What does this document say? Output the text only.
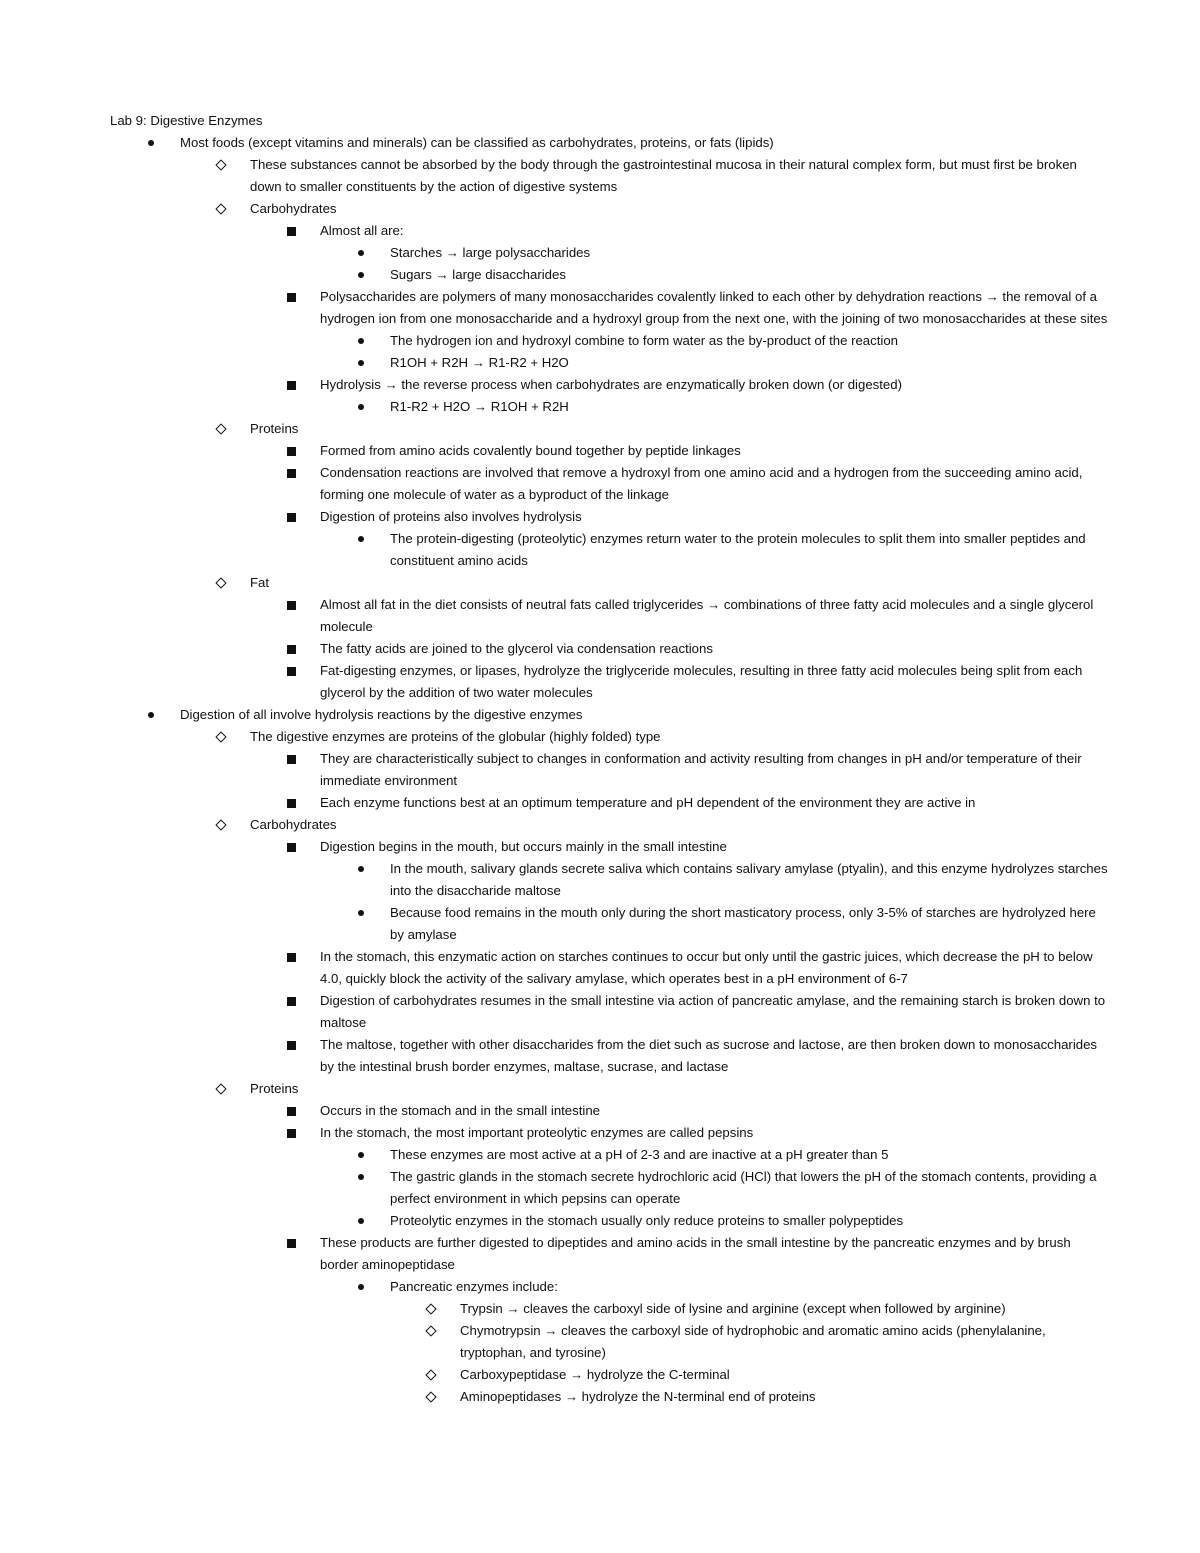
Lab 9: Digestive Enzymes
Most foods (except vitamins and minerals) can be classified as carbohydrates, proteins, or fats (lipids)
These substances cannot be absorbed by the body through the gastrointestinal mucosa in their natural complex form, but must first be broken down to smaller constituents by the action of digestive systems
Carbohydrates
Almost all are:
Starches → large polysaccharides
Sugars → large disaccharides
Polysaccharides are polymers of many monosaccharides covalently linked to each other by dehydration reactions → the removal of a hydrogen ion from one monosaccharide and a hydroxyl group from the next one, with the joining of two monosaccharides at these sites
The hydrogen ion and hydroxyl combine to form water as the by-product of the reaction
R1OH + R2H → R1-R2 + H2O
Hydrolysis → the reverse process when carbohydrates are enzymatically broken down (or digested)
R1-R2 + H2O → R1OH + R2H
Proteins
Formed from amino acids covalently bound together by peptide linkages
Condensation reactions are involved that remove a hydroxyl from one amino acid and a hydrogen from the succeeding amino acid, forming one molecule of water as a byproduct of the linkage
Digestion of proteins also involves hydrolysis
The protein-digesting (proteolytic) enzymes return water to the protein molecules to split them into smaller peptides and constituent amino acids
Fat
Almost all fat in the diet consists of neutral fats called triglycerides → combinations of three fatty acid molecules and a single glycerol molecule
The fatty acids are joined to the glycerol via condensation reactions
Fat-digesting enzymes, or lipases, hydrolyze the triglyceride molecules, resulting in three fatty acid molecules being split from each glycerol by the addition of two water molecules
Digestion of all involve hydrolysis reactions by the digestive enzymes
The digestive enzymes are proteins of the globular (highly folded) type
They are characteristically subject to changes in conformation and activity resulting from changes in pH and/or temperature of their immediate environment
Each enzyme functions best at an optimum temperature and pH dependent of the environment they are active in
Carbohydrates
Digestion begins in the mouth, but occurs mainly in the small intestine
In the mouth, salivary glands secrete saliva which contains salivary amylase (ptyalin), and this enzyme hydrolyzes starches into the disaccharide maltose
Because food remains in the mouth only during the short masticatory process, only 3-5% of starches are hydrolyzed here by amylase
In the stomach, this enzymatic action on starches continues to occur but only until the gastric juices, which decrease the pH to below 4.0, quickly block the activity of the salivary amylase, which operates best in a pH environment of 6-7
Digestion of carbohydrates resumes in the small intestine via action of pancreatic amylase, and the remaining starch is broken down to maltose
The maltose, together with other disaccharides from the diet such as sucrose and lactose, are then broken down to monosaccharides by the intestinal brush border enzymes, maltase, sucrase, and lactase
Proteins
Occurs in the stomach and in the small intestine
In the stomach, the most important proteolytic enzymes are called pepsins
These enzymes are most active at a pH of 2-3 and are inactive at a pH greater than 5
The gastric glands in the stomach secrete hydrochloric acid (HCl) that lowers the pH of the stomach contents, providing a perfect environment in which pepsins can operate
Proteolytic enzymes in the stomach usually only reduce proteins to smaller polypeptides
These products are further digested to dipeptides and amino acids in the small intestine by the pancreatic enzymes and by brush border aminopeptidase
Pancreatic enzymes include:
Trypsin → cleaves the carboxyl side of lysine and arginine (except when followed by arginine)
Chymotrypsin → cleaves the carboxyl side of hydrophobic and aromatic amino acids (phenylalanine, tryptophan, and tyrosine)
Carboxypeptidase → hydrolyze the C-terminal
Aminopeptidases → hydrolyze the N-terminal end of proteins
